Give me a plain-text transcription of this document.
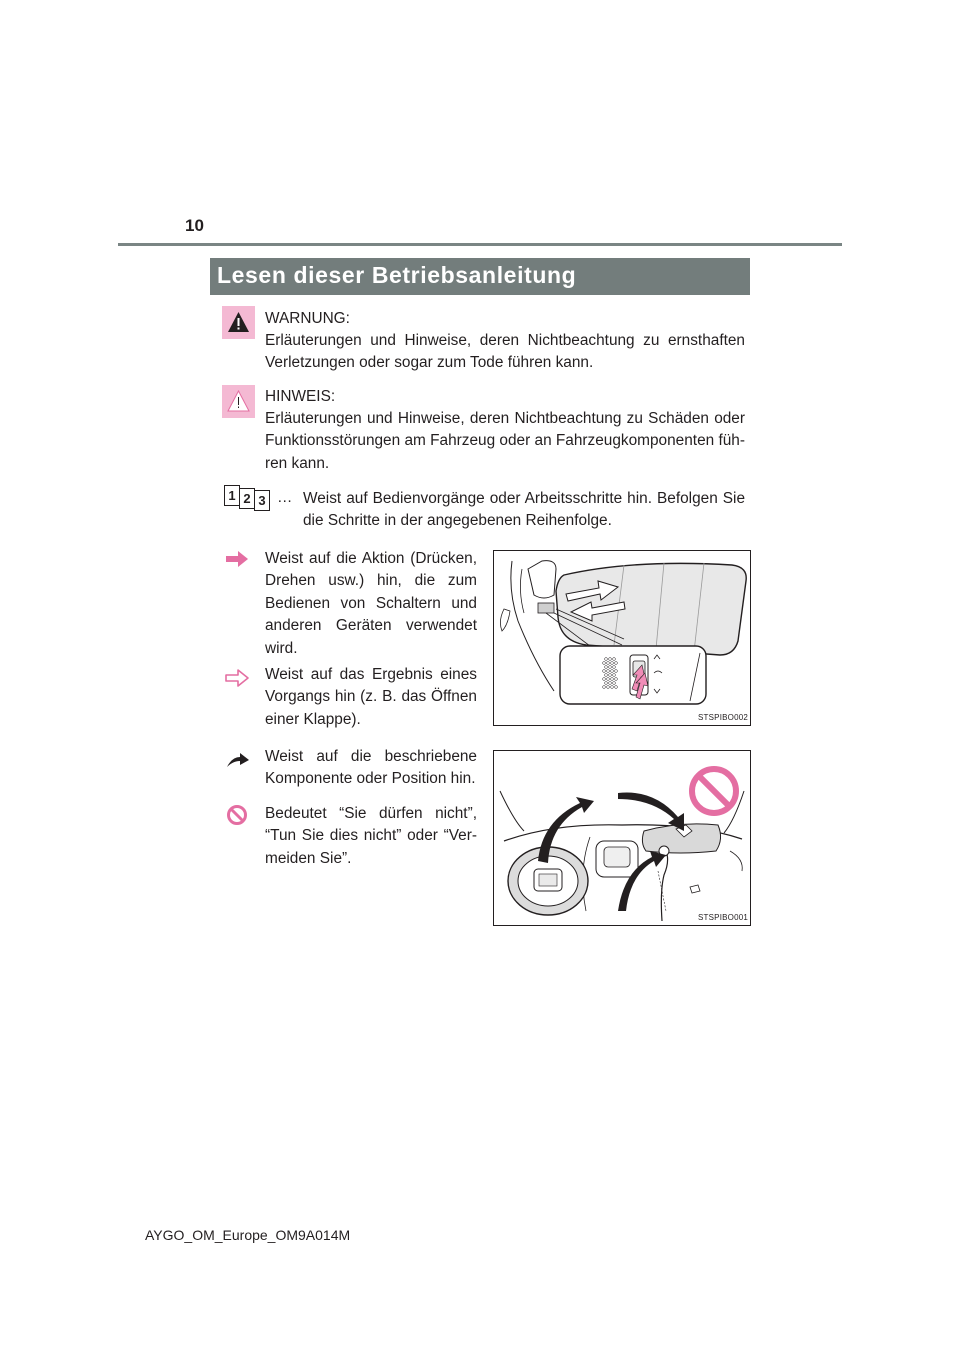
10
Lesen dieser Betriebsanleitung
WARNUNG:
Erläuterungen und Hinweise, deren Nichtbeachtung zu ernsthaften Verletzungen oder sogar zum Tode führen kann.
HINWEIS:
Erläuterungen und Hinweise, deren Nichtbeachtung zu Schäden oder Funktionsstörungen am Fahrzeug oder an Fahrzeugkomponenten füh-ren kann.
1 2 3 … Weist auf Bedienvorgänge oder Arbeitsschritte hin. Befolgen Sie die Schritte in der angegebenen Reihenfolge.
Weist auf die Aktion (Drücken, Drehen usw.) hin, die zum Bedienen von Schaltern und anderen Geräten verwendet wird.
Weist auf das Ergebnis eines Vorgangs hin (z. B. das Öffnen einer Klappe).
Weist auf die beschriebene Komponente oder Position hin.
Bedeutet “Sie dürfen nicht”, “Tun Sie dies nicht” oder “Ver-meiden Sie”.
STSPIBO002
STSPIBO001
AYGO_OM_Europe_OM9A014M
